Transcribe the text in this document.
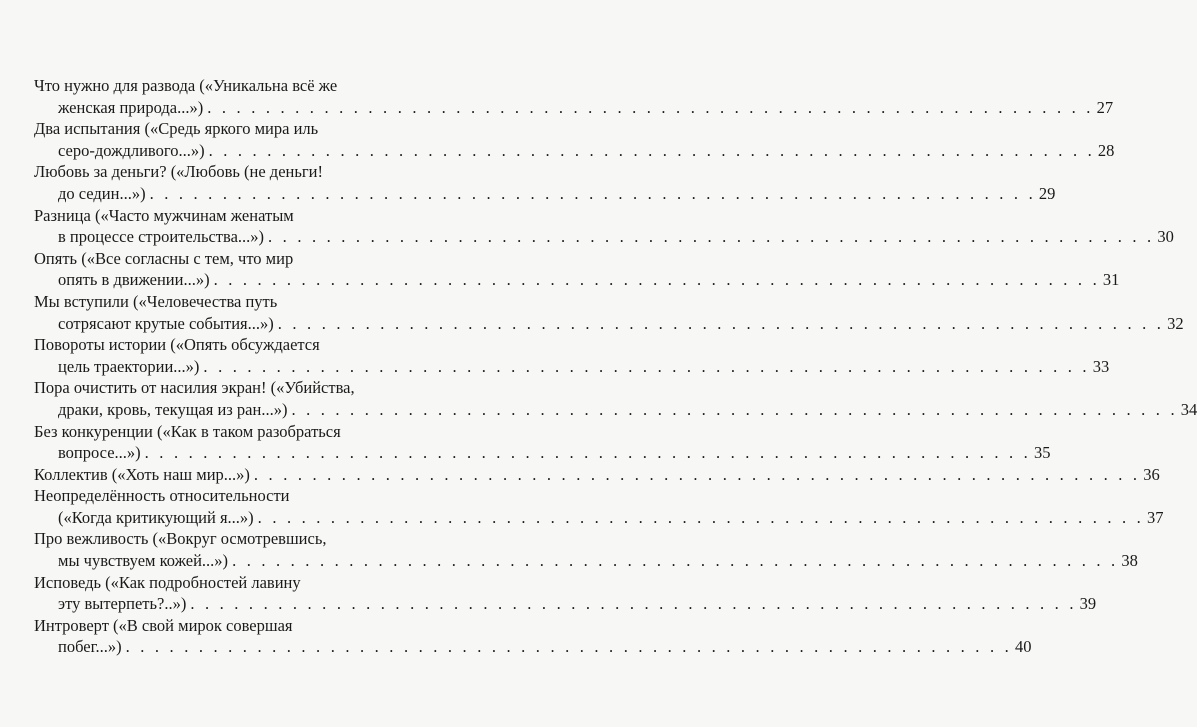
Что нужно для развода («Уникальна всё же
женская природа...») . . . . . . . . . . . . . . . . . . . . . . . . . . . . . . . . . . . . . . . . . . . . . . . . . . . . . . . . . . . . . 27
Два испытания («Средь яркого мира иль
серо-дождливого...») . . . . . . . . . . . . . . . . . . . . . . . . . . . . . . . . . . . . . . . . . . . . . . . . . . . . . . . . . . . . . 28
Любовь за деньги? («Любовь (не деньги!
до седин...») . . . . . . . . . . . . . . . . . . . . . . . . . . . . . . . . . . . . . . . . . . . . . . . . . . . . . . . . . . . . . 29
Разница («Часто мужчинам женатым
в процессе строительства...») . . . . . . . . . . . . . . . . . . . . . . . . . . . . . . . . . . . . . . . . . . . . . . . . . . . . . . . . . . . . . 30
Опять («Все согласны с тем, что мир
опять в движении...») . . . . . . . . . . . . . . . . . . . . . . . . . . . . . . . . . . . . . . . . . . . . . . . . . . . . . . . . . . . . . 31
Мы вступили («Человечества путь
сотрясают крутые события...») . . . . . . . . . . . . . . . . . . . . . . . . . . . . . . . . . . . . . . . . . . . . . . . . . . . . . . . . . . . . . 32
Повороты истории («Опять обсуждается
цель траектории...») . . . . . . . . . . . . . . . . . . . . . . . . . . . . . . . . . . . . . . . . . . . . . . . . . . . . . . . . . . . . . 33
Пора очистить от насилия экран! («Убийства,
драки, кровь, текущая из ран...») . . . . . . . . . . . . . . . . . . . . . . . . . . . . . . . . . . . . . . . . . . . . . . . . . . . . . . . . . . . . . 34
Без конкуренции («Как в таком разобраться
вопросе...») . . . . . . . . . . . . . . . . . . . . . . . . . . . . . . . . . . . . . . . . . . . . . . . . . . . . . . . . . . . . . 35
Коллектив («Хоть наш мир...») . . . . . . . . . . . . . . . . . . . . . . . . . . . . . . . . . . . . . . . . . . . . . . . . . . . . . . . . . . . . . 36
Неопределённость относительности
(«Когда критикующий я...») . . . . . . . . . . . . . . . . . . . . . . . . . . . . . . . . . . . . . . . . . . . . . . . . . . . . . . . . . . . . . 37
Про вежливость («Вокруг осмотревшись,
мы чувствуем кожей...») . . . . . . . . . . . . . . . . . . . . . . . . . . . . . . . . . . . . . . . . . . . . . . . . . . . . . . . . . . . . . 38
Исповедь («Как подробностей лавину
эту вытерпеть?..») . . . . . . . . . . . . . . . . . . . . . . . . . . . . . . . . . . . . . . . . . . . . . . . . . . . . . . . . . . . . . 39
Интроверт («В свой мирок совершая
побег...») . . . . . . . . . . . . . . . . . . . . . . . . . . . . . . . . . . . . . . . . . . . . . . . . . . . . . . . . . . . . . 40
